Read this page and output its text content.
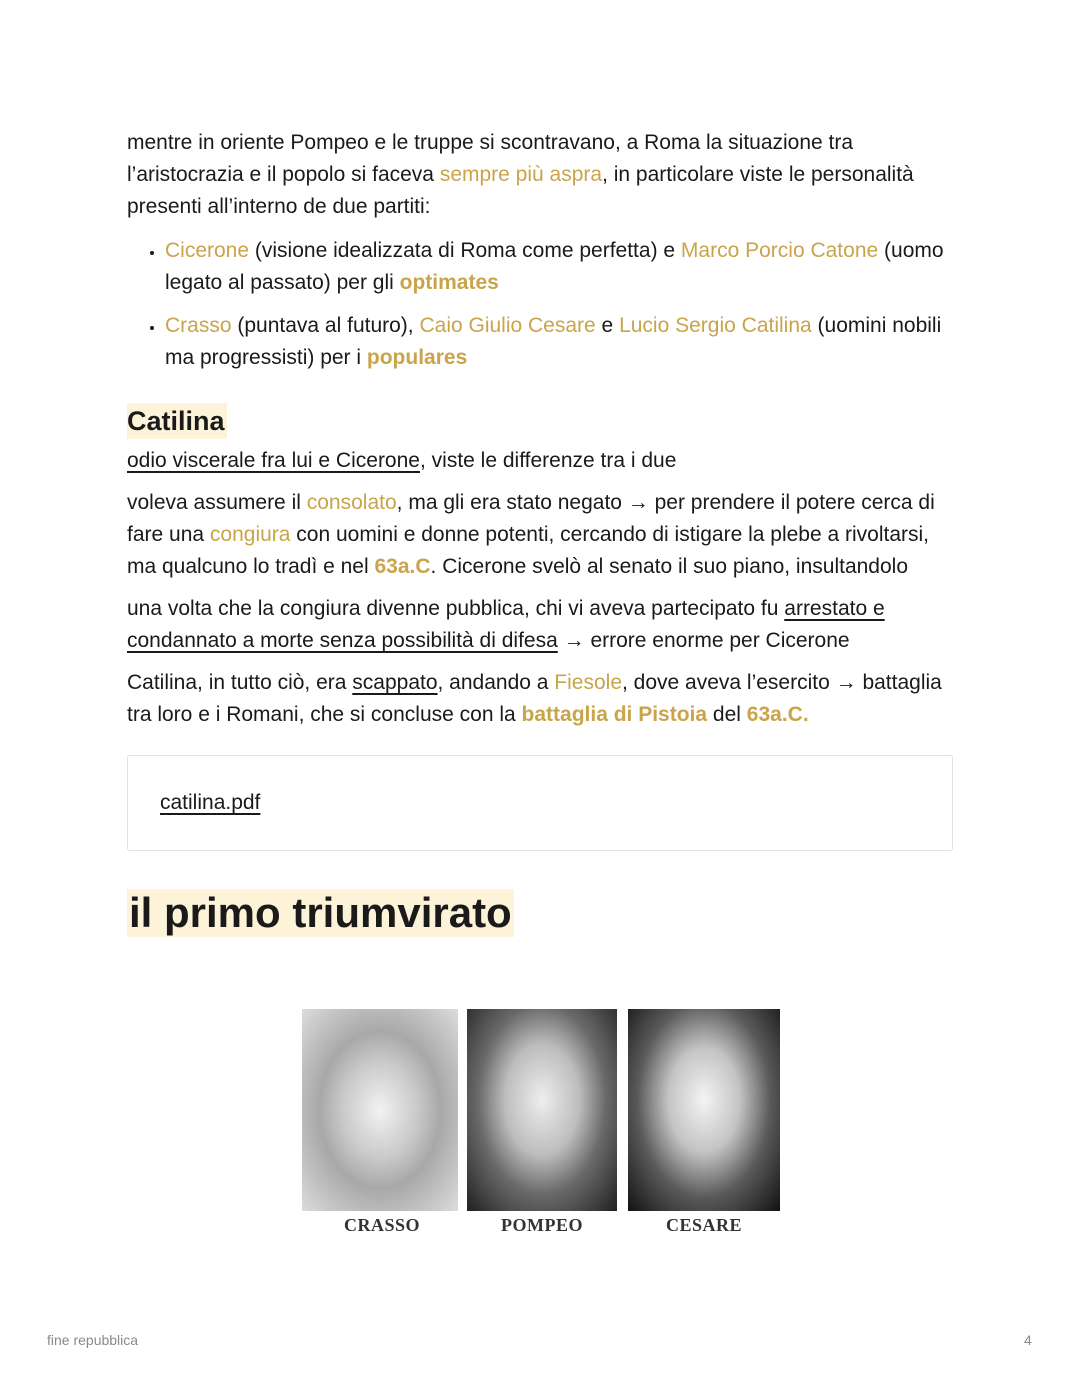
mentre in oriente Pompeo e le truppe si scontravano, a Roma la situazione tra l’aristocrazia e il popolo si faceva sempre più aspra, in particolare viste le personalità presenti all’interno de due partiti:

• Cicerone (visione idealizzata di Roma come perfetta) e Marco Porcio Catone (uomo legato al passato) per gli optimates
• Crasso (puntava al futuro), Caio Giulio Cesare e Lucio Sergio Catilina (uomini nobili ma progressisti) per i populares
Catilina

odio viscerale fra lui e Cicerone, viste le differenze tra i due

voleva assumere il consolato, ma gli era stato negato → per prendere il potere cerca di fare una congiura con uomini e donne potenti, cercando di istigare la plebe a rivoltarsi, ma qualcuno lo tradì e nel 63a.C. Cicerone svelò al senato il suo piano, insultandolo

una volta che la congiura divenne pubblica, chi vi aveva partecipato fu arrestato e condannato a morte senza possibilità di difesa → errore enorme per Cicerone

Catilina, in tutto ciò, era scappato, andando a Fiesole, dove aveva l’esercito → battaglia tra loro e i Romani, che si concluse con la battaglia di Pistoia del 63a.C.

catilina.pdf
il primo triumvirato
CRASSO	POMPEO	CESARE
fine repubblica	4
